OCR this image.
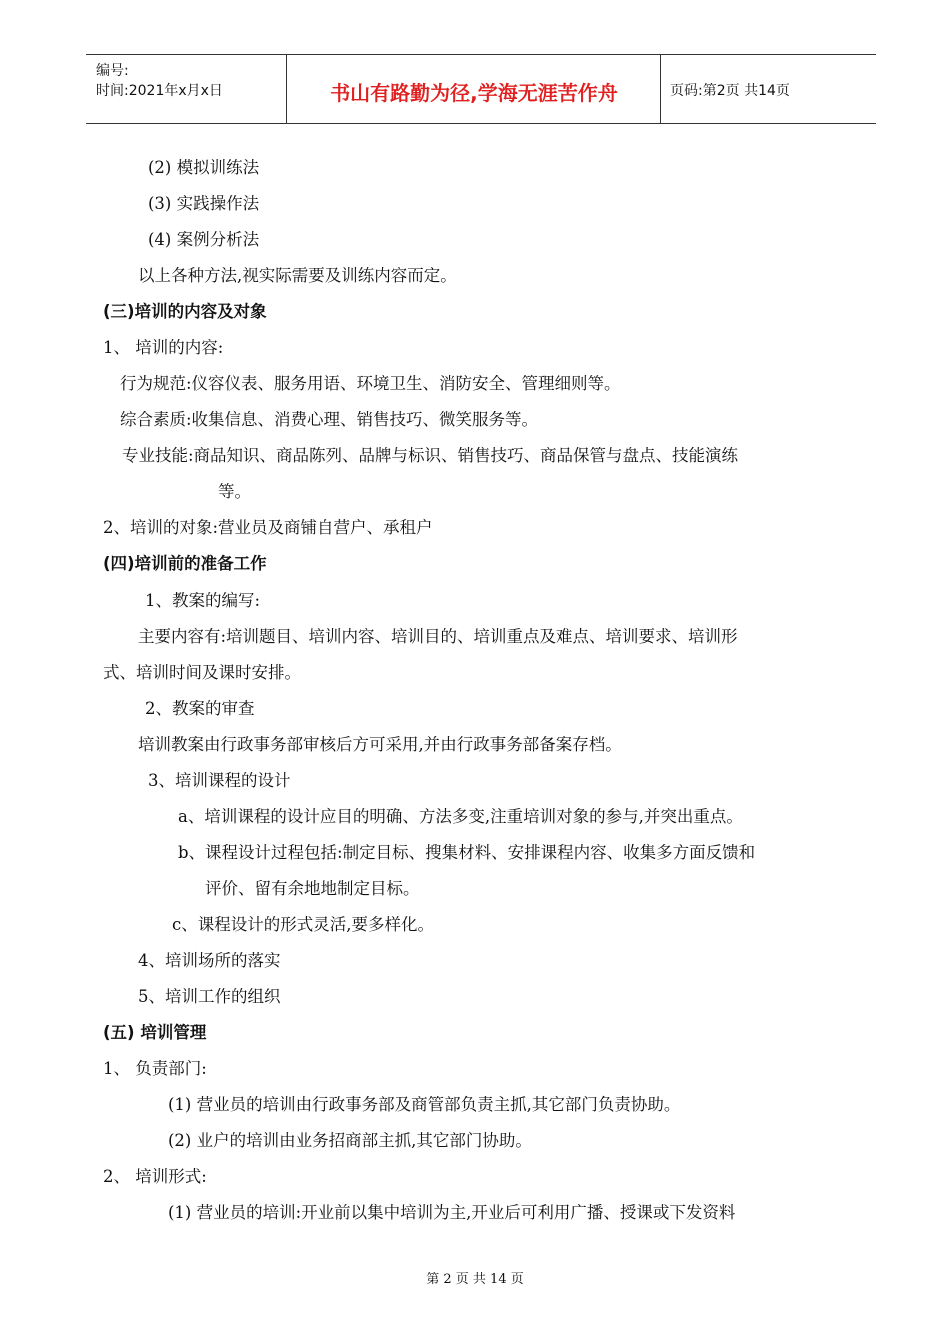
编号:
时间:2021年x月x日	书山有路勤为径,学海无涯苦作舟	页码:第2页 共14页
(2) 模拟训练法
(3) 实践操作法
(4) 案例分析法
以上各种方法,视实际需要及训练内容而定。
(三)培训的内容及对象
1、 培训的内容:
行为规范:仪容仪表、服务用语、环境卫生、消防安全、管理细则等。
综合素质:收集信息、消费心理、销售技巧、微笑服务等。
专业技能:商品知识、商品陈列、品牌与标识、销售技巧、商品保管与盘点、技能演练
等。
2、培训的对象:营业员及商铺自营户、承租户
(四)培训前的准备工作
1、教案的编写:
主要内容有:培训题目、培训内容、培训目的、培训重点及难点、培训要求、培训形
式、培训时间及课时安排。
2、教案的审查
培训教案由行政事务部审核后方可采用,并由行政事务部备案存档。
3、培训课程的设计
a、培训课程的设计应目的明确、方法多变,注重培训对象的参与,并突出重点。
b、课程设计过程包括:制定目标、搜集材料、安排课程内容、收集多方面反馈和
评价、留有余地地制定目标。
c、课程设计的形式灵活,要多样化。
4、培训场所的落实
5、培训工作的组织
(五) 培训管理
1、 负责部门:
(1) 营业员的培训由行政事务部及商管部负责主抓,其它部门负责协助。
(2) 业户的培训由业务招商部主抓,其它部门协助。
2、 培训形式:
(1) 营业员的培训:开业前以集中培训为主,开业后可利用广播、授课或下发资料
第 2 页 共 14 页
